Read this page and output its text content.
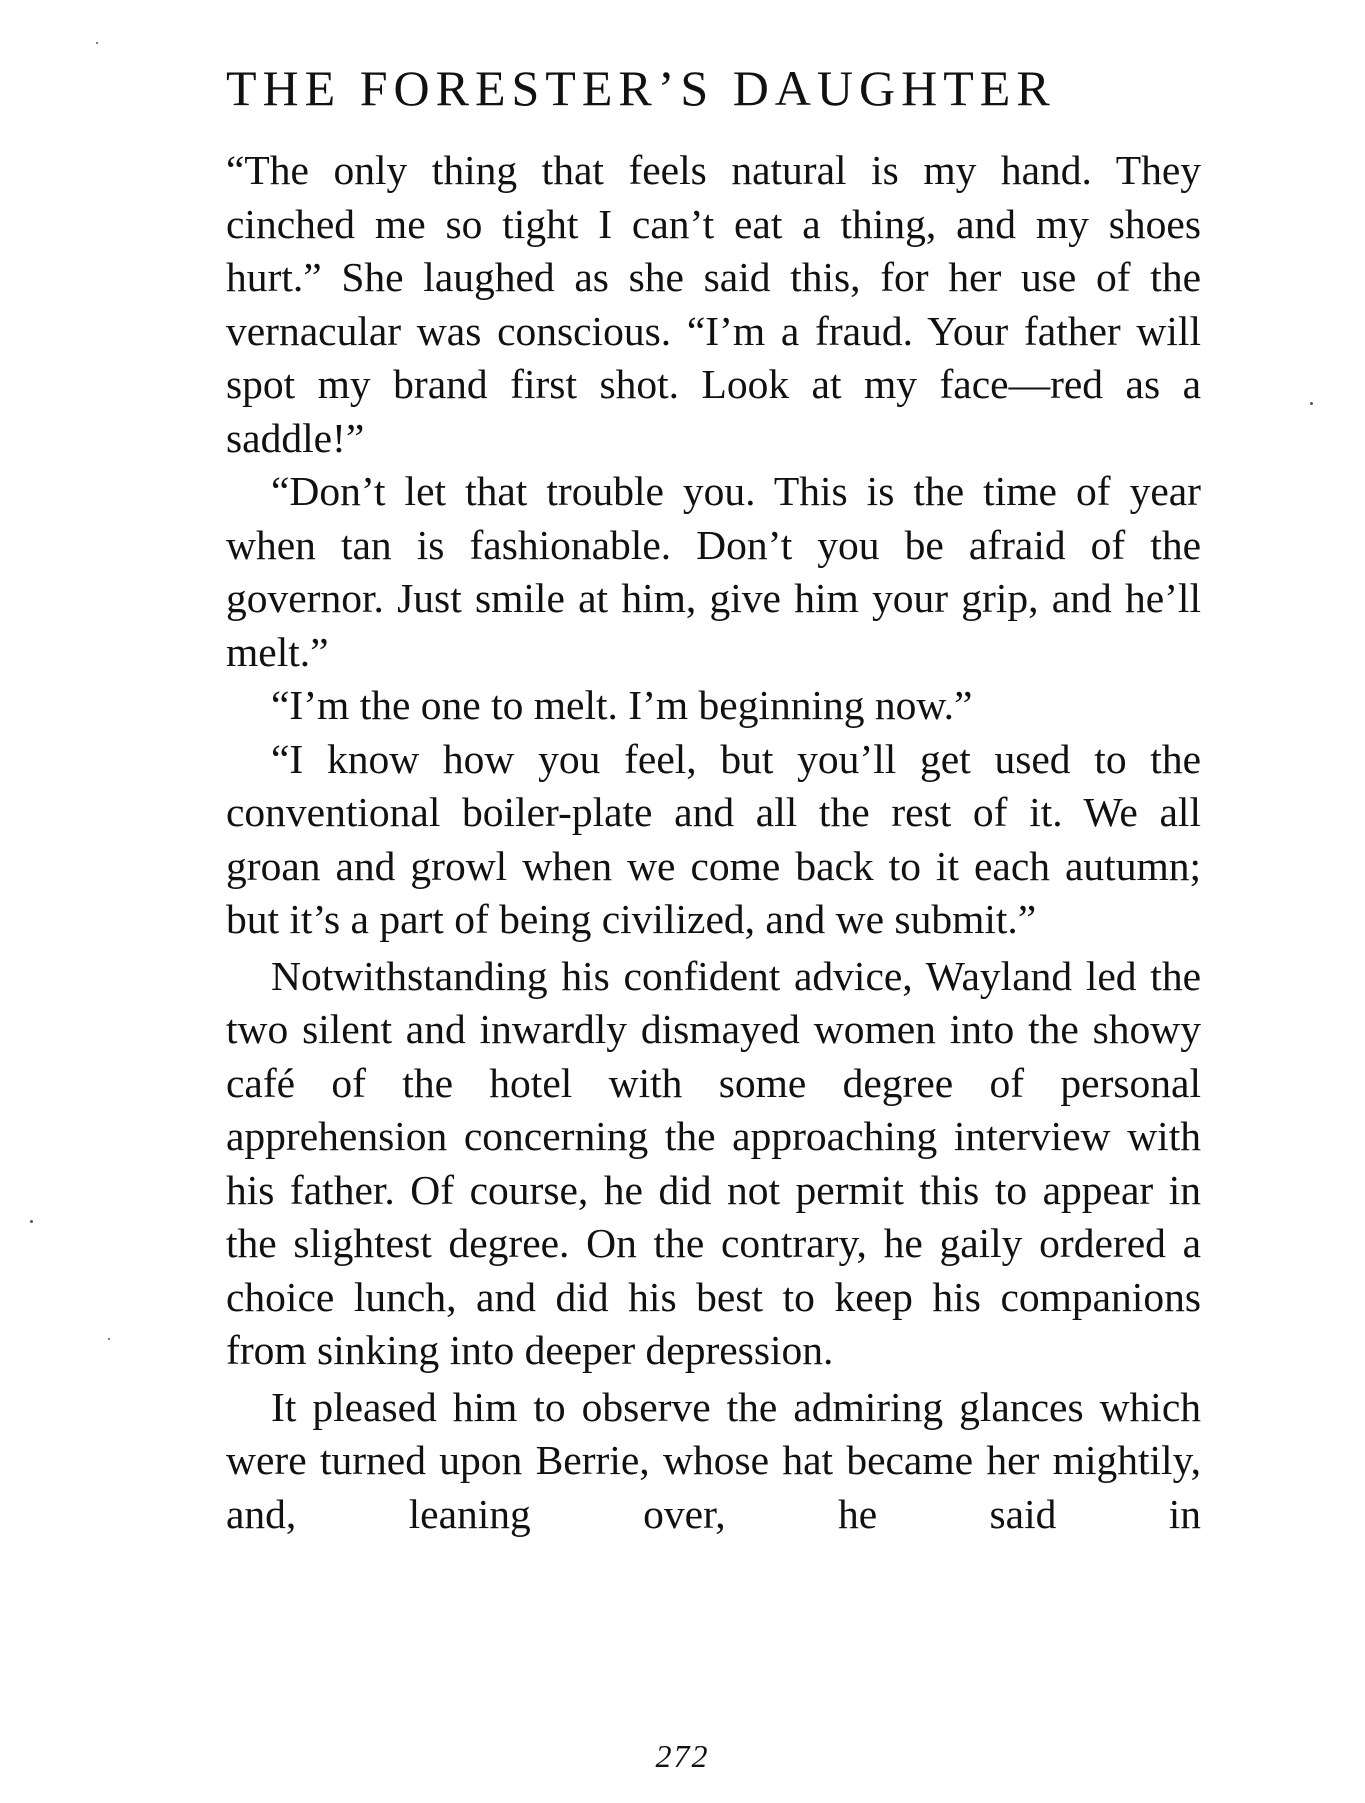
THE FORESTER’S DAUGHTER

“The only thing that feels natural is my hand. They cinched me so tight I can’t eat a thing, and my shoes hurt.” She laughed as she said this, for her use of the vernacular was conscious. “I’m a fraud. Your father will spot my brand first shot. Look at my face—red as a saddle!”

“Don’t let that trouble you. This is the time of year when tan is fashionable. Don’t you be afraid of the governor. Just smile at him, give him your grip, and he’ll melt.”

“I’m the one to melt. I’m beginning now.”

“I know how you feel, but you’ll get used to the conventional boiler-plate and all the rest of it. We all groan and growl when we come back to it each autumn; but it’s a part of being civilized, and we submit.”

Notwithstanding his confident advice, Wayland led the two silent and inwardly dismayed women into the showy café of the hotel with some degree of personal apprehension concerning the approaching interview with his father. Of course, he did not permit this to appear in the slightest degree. On the contrary, he gaily ordered a choice lunch, and did his best to keep his companions from sinking into deeper depression.

It pleased him to observe the admiring glances which were turned upon Berrie, whose hat became her mightily, and, leaning over, he said in

272
